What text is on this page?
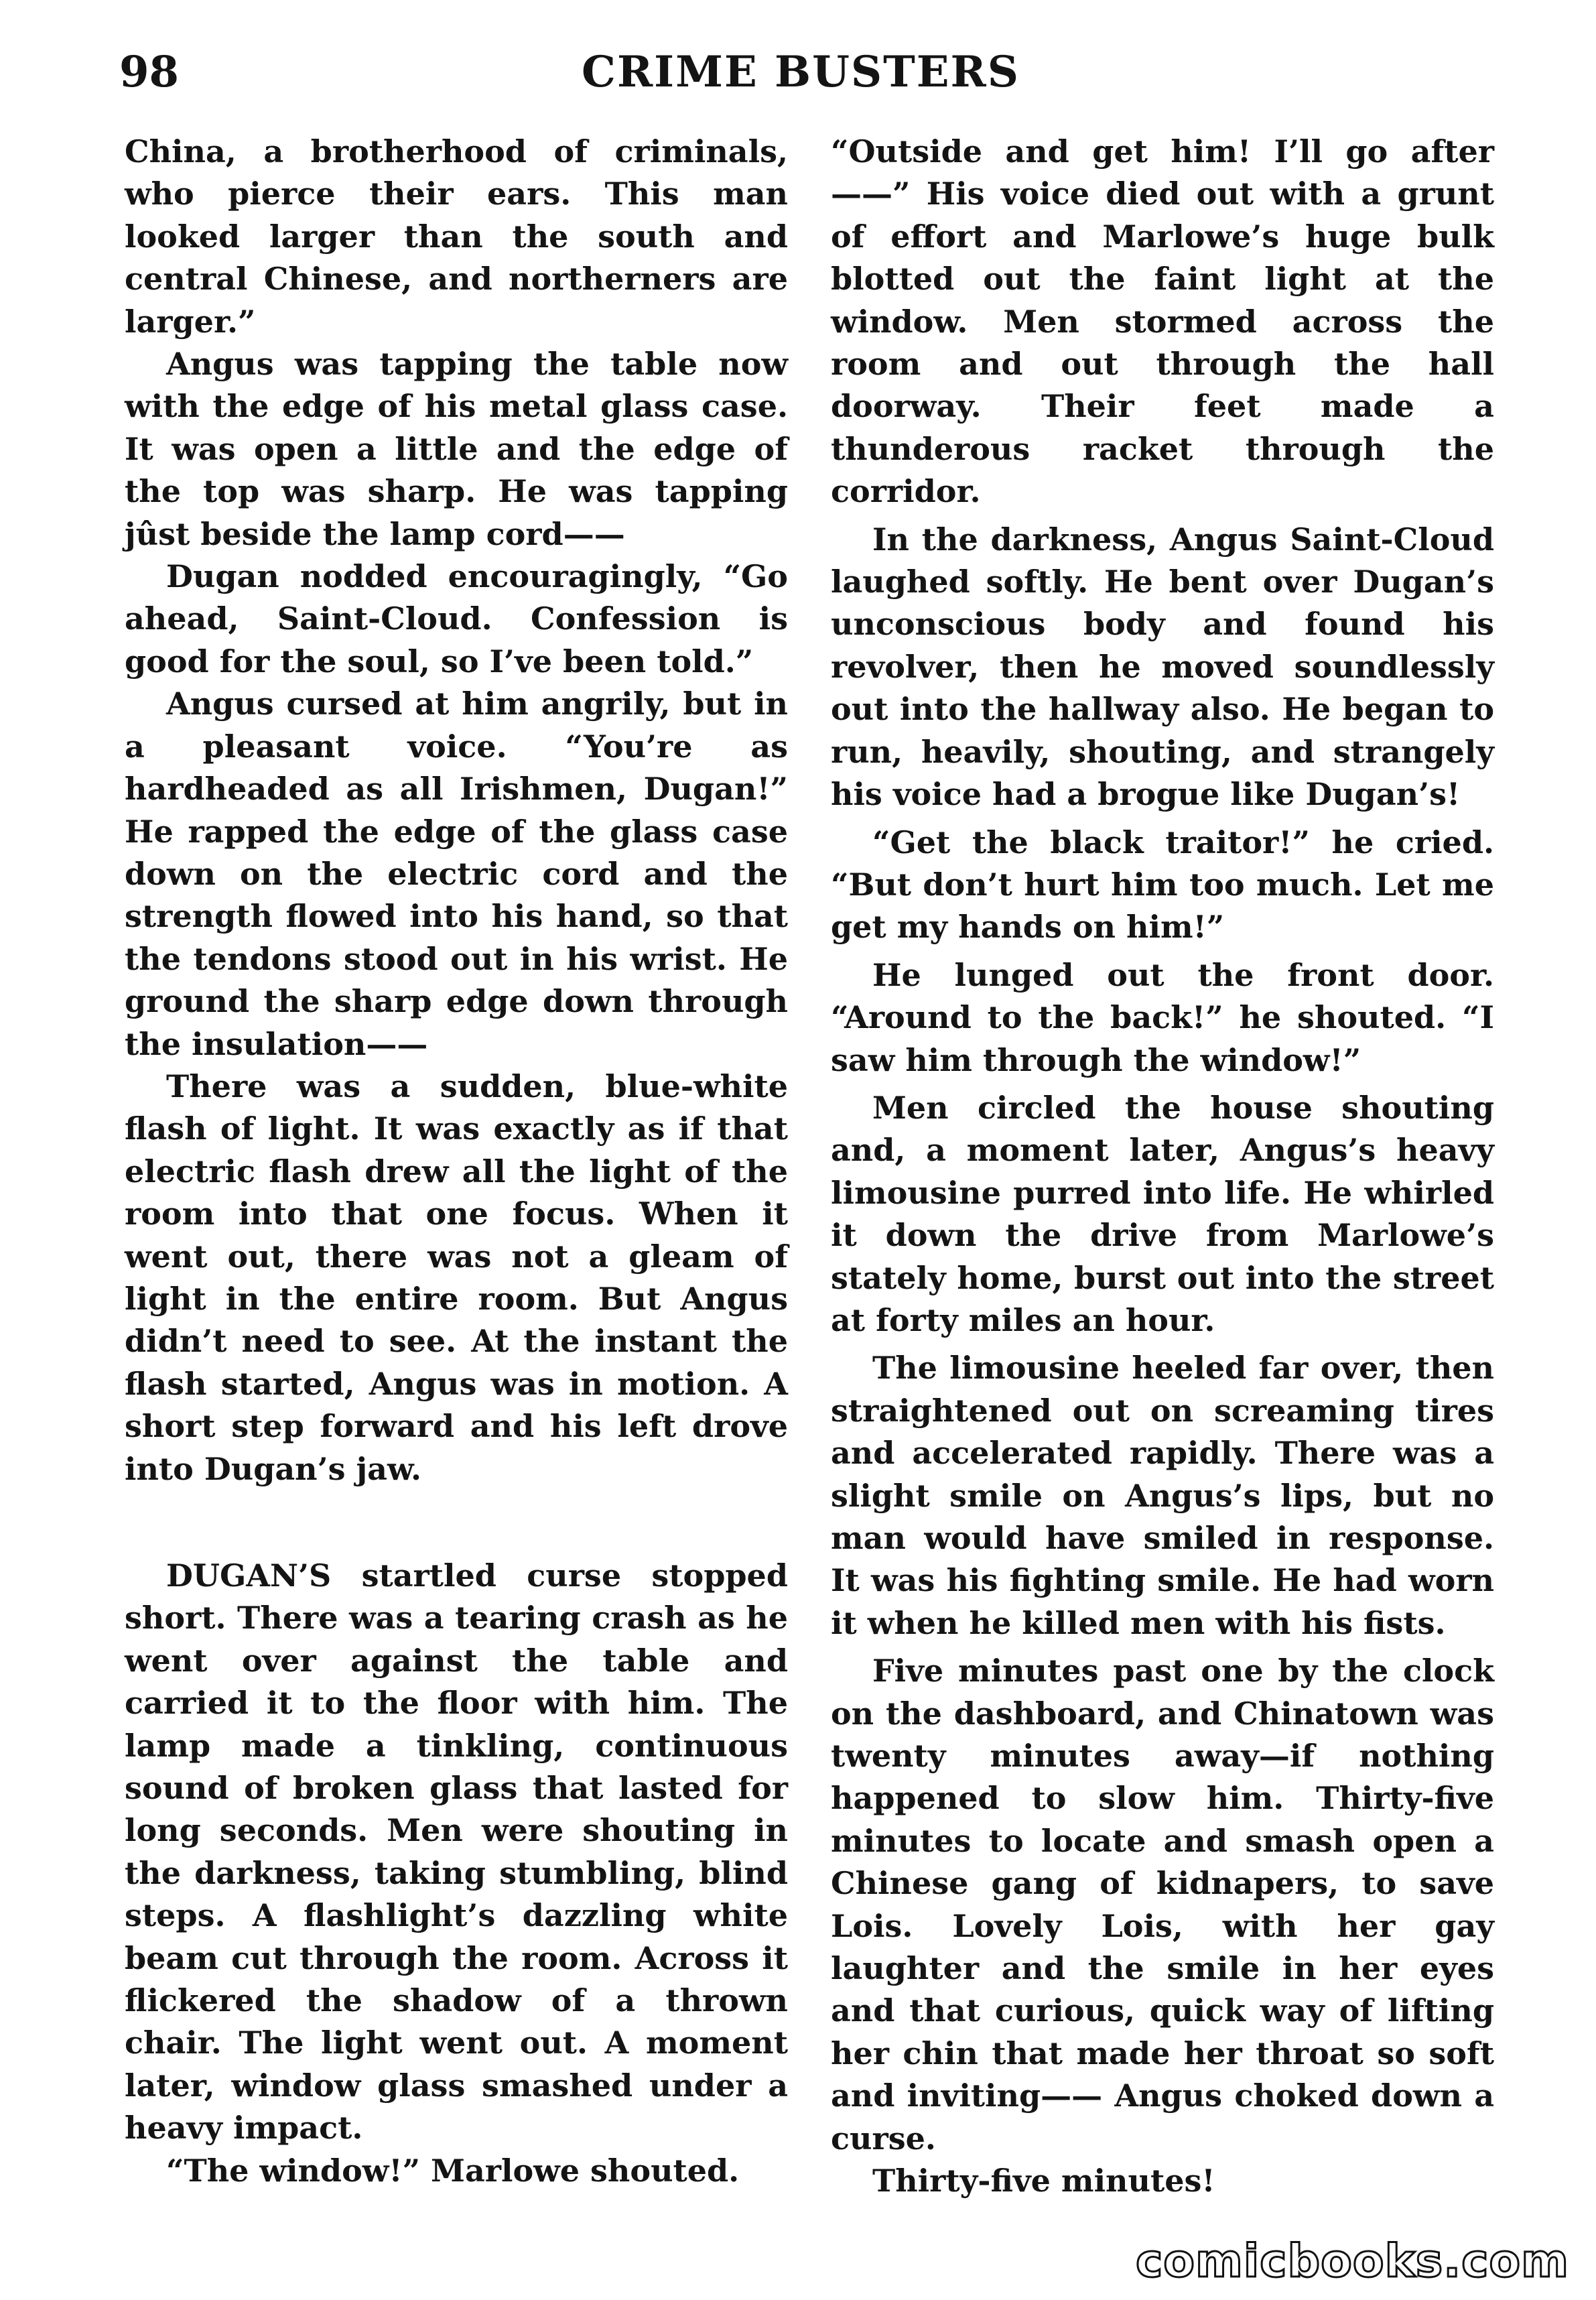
98	CRIME BUSTERS

China, a brotherhood of criminals, who pierce their ears. This man looked larger than the south and central Chinese, and northerners are larger.”

Angus was tapping the table now with the edge of his metal glass case. It was open a little and the edge of the top was sharp. He was tapping jûst beside the lamp cord——

Dugan nodded encouragingly, “Go ahead, Saint-Cloud. Confession is good for the soul, so I’ve been told.”

Angus cursed at him angrily, but in a pleasant voice. “You’re as hardheaded as all Irishmen, Dugan!” He rapped the edge of the glass case down on the electric cord and the strength flowed into his hand, so that the tendons stood out in his wrist. He ground the sharp edge down through the insulation——

There was a sudden, blue-white flash of light. It was exactly as if that electric flash drew all the light of the room into that one focus. When it went out, there was not a gleam of light in the entire room. But Angus didn’t need to see. At the instant the flash started, Angus was in motion. A short step forward and his left drove into Dugan’s jaw.

DUGAN’S startled curse stopped short. There was a tearing crash as he went over against the table and carried it to the floor with him. The lamp made a tinkling, continuous sound of broken glass that lasted for long seconds. Men were shouting in the darkness, taking stumbling, blind steps. A flashlight’s dazzling white beam cut through the room. Across it flickered the shadow of a thrown chair. The light went out. A moment later, window glass smashed under a heavy impact.

“The window!” Marlowe shouted.

“Outside and get him! I’ll go after ——” His voice died out with a grunt of effort and Marlowe’s huge bulk blotted out the faint light at the window. Men stormed across the room and out through the hall doorway. Their feet made a thunderous racket through the corridor.

In the darkness, Angus Saint-Cloud laughed softly. He bent over Dugan’s unconscious body and found his revolver, then he moved soundlessly out into the hallway also. He began to run, heavily, shouting, and strangely his voice had a brogue like Dugan’s!

“Get the black traitor!” he cried. “But don’t hurt him too much. Let me get my hands on him!”

He lunged out the front door. “Around to the back!” he shouted. “I saw him through the window!”

Men circled the house shouting and, a moment later, Angus’s heavy limousine purred into life. He whirled it down the drive from Marlowe’s stately home, burst out into the street at forty miles an hour.

The limousine heeled far over, then straightened out on screaming tires and accelerated rapidly. There was a slight smile on Angus’s lips, but no man would have smiled in response. It was his fighting smile. He had worn it when he killed men with his fists.

Five minutes past one by the clock on the dashboard, and Chinatown was twenty minutes away—if nothing happened to slow him. Thirty-five minutes to locate and smash open a Chinese gang of kidnapers, to save Lois. Lovely Lois, with her gay laughter and the smile in her eyes and that curious, quick way of lifting her chin that made her throat so soft and inviting—— Angus choked down a curse.

Thirty-five minutes!

comicbooks.com
